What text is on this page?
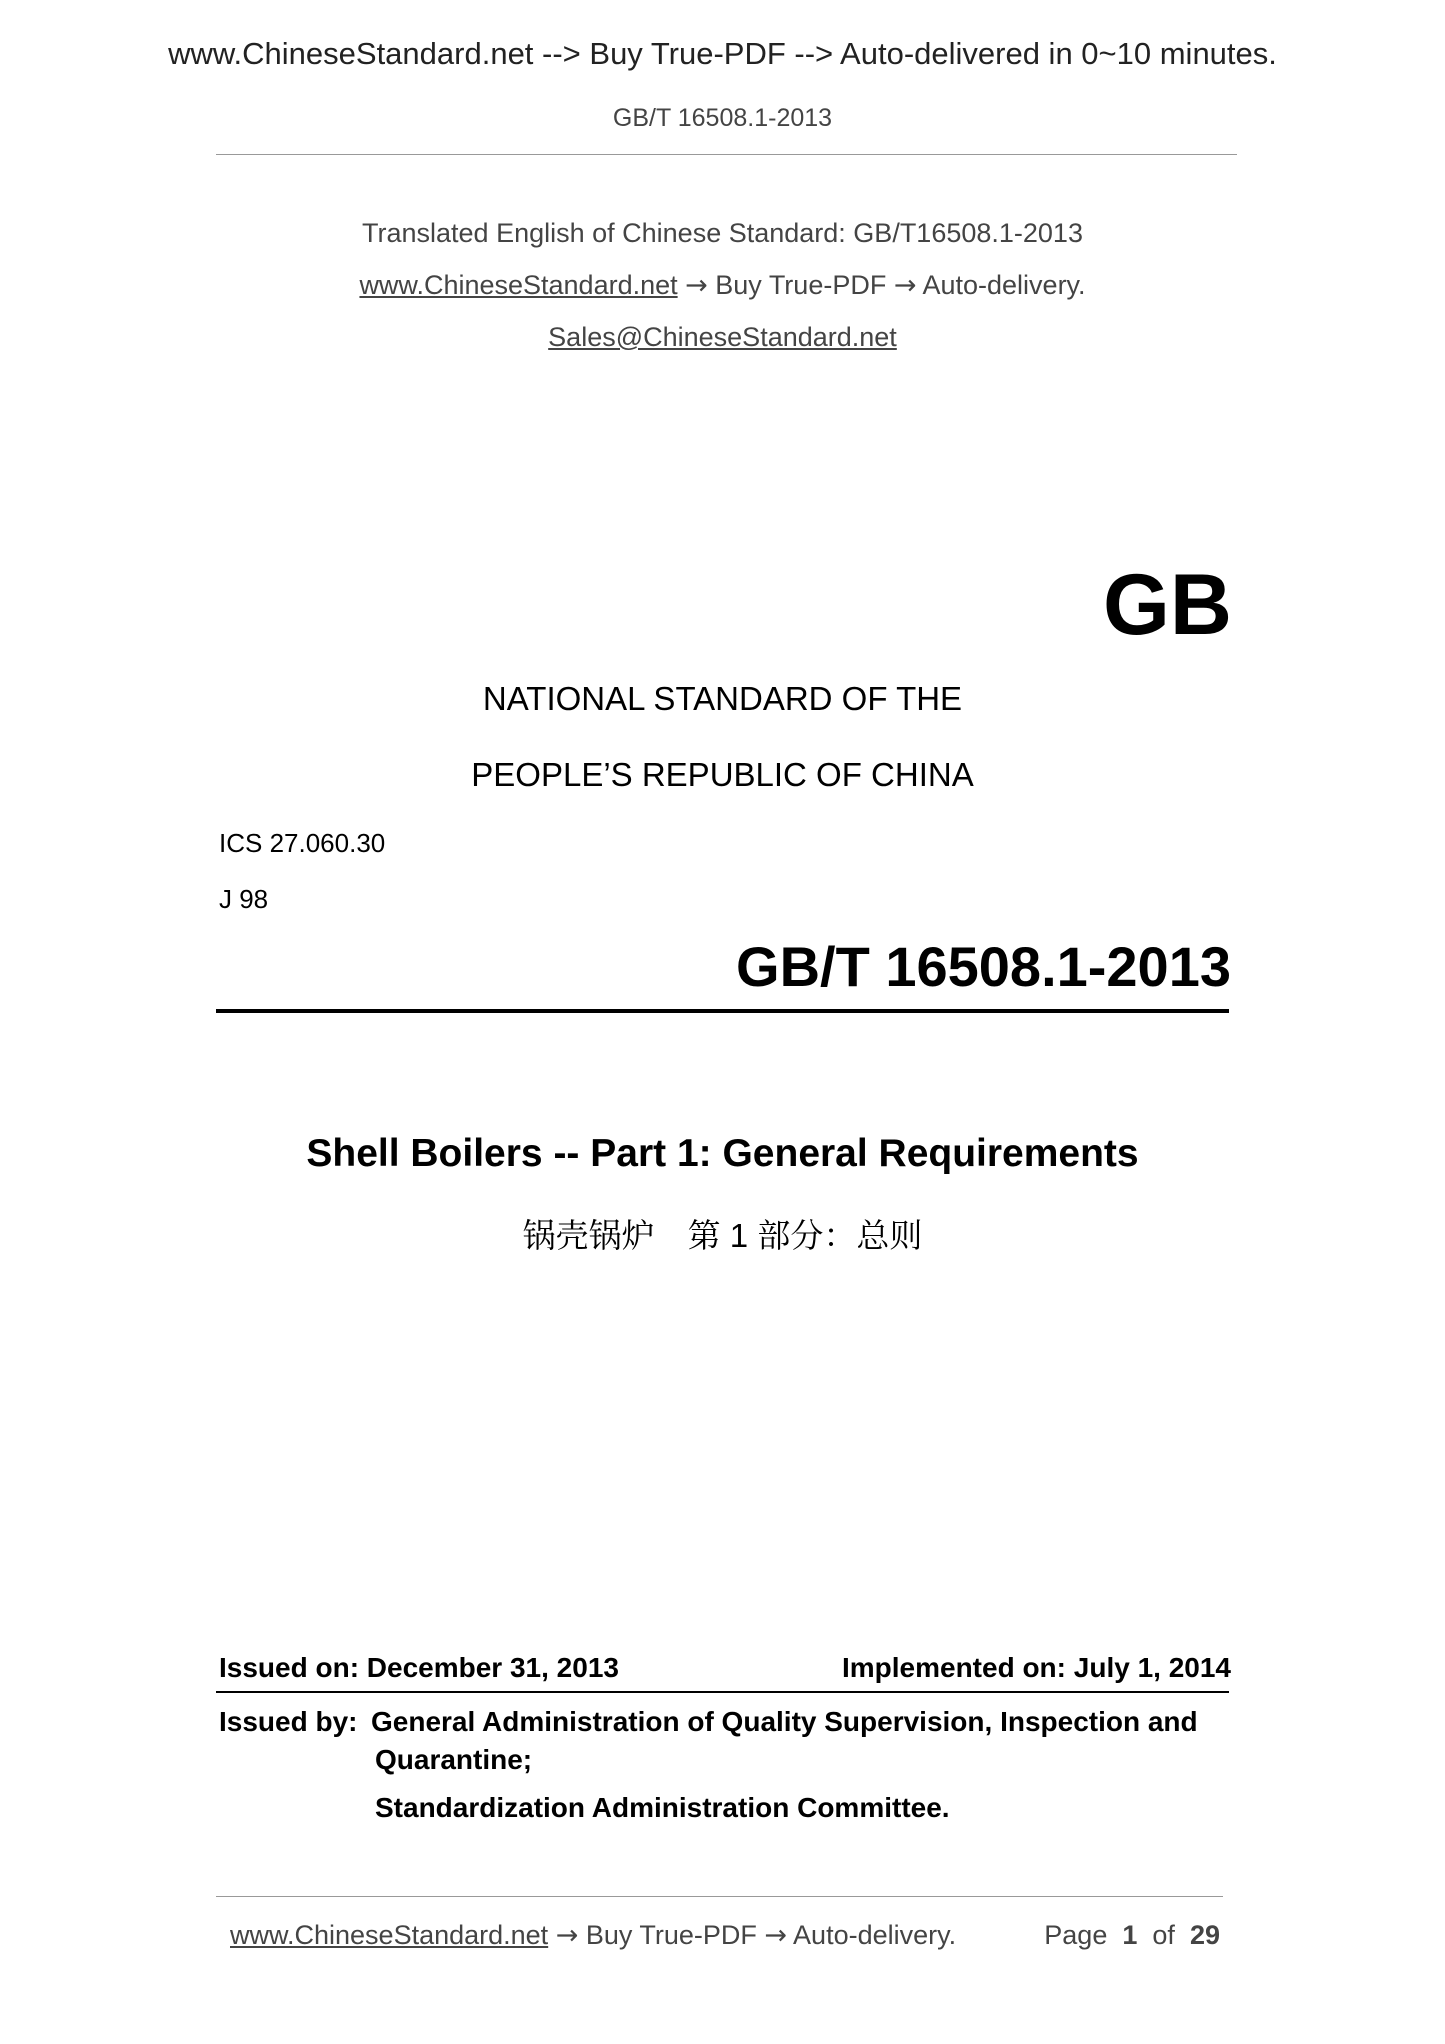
www.ChineseStandard.net --> Buy True-PDF --> Auto-delivered in 0~10 minutes.
GB/T 16508.1-2013
Translated English of Chinese Standard: GB/T16508.1-2013
www.ChineseStandard.net → Buy True-PDF → Auto-delivery.
Sales@ChineseStandard.net
GB
NATIONAL STANDARD OF THE
PEOPLE’S REPUBLIC OF CHINA
ICS 27.060.30
J 98
GB/T 16508.1-2013
Shell Boilers -- Part 1: General Requirements
锅壳锅炉　第 1 部分：总则
Issued on: December 31, 2013	Implemented on: July 1, 2014
Issued by: General Administration of Quality Supervision, Inspection and
Quarantine;
Standardization Administration Committee.
www.ChineseStandard.net → Buy True-PDF → Auto-delivery.	Page 1 of 29
